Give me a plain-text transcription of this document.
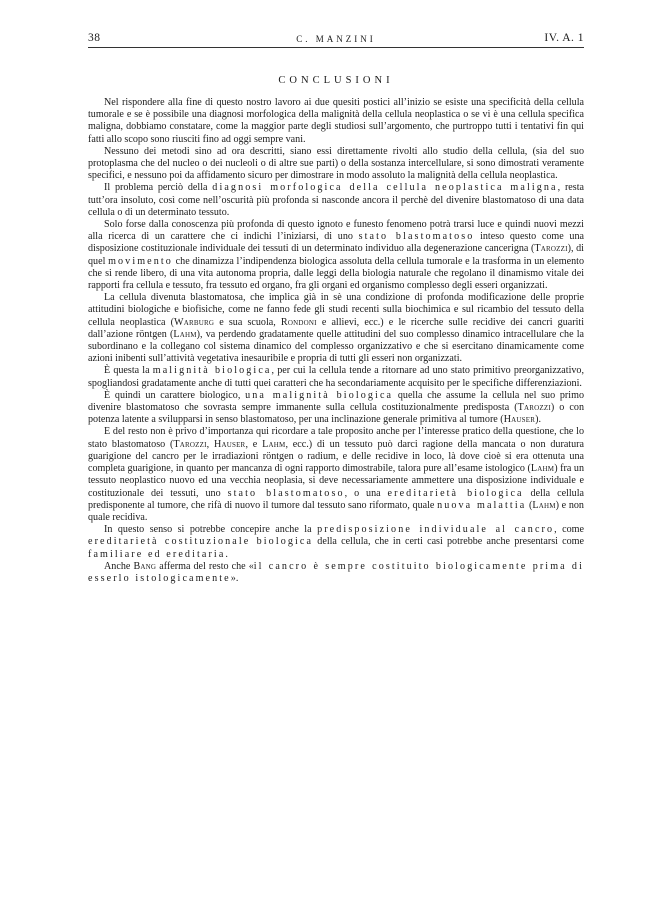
38	C. MANZINI	IV. A. 1
CONCLUSIONI

Nel rispondere alla fine di questo nostro lavoro ai due quesiti postici all’inizio se esiste una specificità della cellula tumorale e se è possibile una diagnosi morfologica della malignità della cellula neoplastica o se vi è una cellula specifica maligna, dobbiamo constatare, come la maggior parte degli studiosi sull’argomento, che purtroppo tutti i tentativi fin qui fatti allo scopo sono riusciti fino ad oggi sempre vani.

Nessuno dei metodi sino ad ora descritti, siano essi direttamente rivolti allo studio della cellula, (sia del suo protoplasma che del nucleo o dei nucleoli o di altre sue parti) o della sostanza intercellulare, si sono dimostrati veramente specifici, e nessuno poi da affidamento sicuro per dimostrare in modo assoluto la malignità della cellula neoplastica.

Il problema perciò della diagnosi morfologica della cellula neoplastica maligna, resta tutt’ora insoluto, così come nell’oscurità più profonda si nasconde ancora il perchè del divenire blastomatoso di una data cellula o di un determinato tessuto.

Solo forse dalla conoscenza più profonda di questo ignoto e funesto fenomeno potrà trarsi luce e quindi nuovi mezzi alla ricerca di un carattere che ci indichi l’iniziarsi, di uno stato blastomatoso inteso questo come una disposizione costituzionale individuale dei tessuti di un determinato individuo alla degenerazione cancerigna (Tarozzi), di quel movimento che dinamizza l’indipendenza biologica assoluta della cellula tumorale e la trasforma in un elemento che si rende libero, di una vita autonoma propria, dalle leggi della biologia naturale che regolano il dinamismo vitale dei rapporti fra cellula e tessuto, fra tessuto ed organo, fra gli organi ed organismo complesso degli esseri organizzati.

La cellula divenuta blastomatosa, che implica già in sè una condizione di profonda modificazione delle proprie attitudini biologiche e biofisiche, come ne fanno fede gli studi recenti sulla biochimica e sul ricambio del tessuto della cellula neoplastica (Warburg e sua scuola, Rondoni e allievi, ecc.) e le ricerche sulle recidive dei cancri guariti dall’azione röntgen (Lahm), va perdendo gradatamente quelle attitudini del suo complesso dinamico intracellulare che la subordinano e la collegano col sistema dinamico del complesso organizzativo e che si esercitano dinamicamente come azioni inibenti sull’attività vegetativa inesauribile e propria di tutti gli esseri non organizzati.

È questa la malignità biologica, per cui la cellula tende a ritornare ad uno stato primitivo preorganizzativo, spogliandosi gradatamente anche di tutti quei caratteri che ha secondariamente acquisito per le specifiche differenziazioni.

È quindi un carattere biologico, una malignità biologica quella che assume la cellula nel suo primo divenire blastomatoso che sovrasta sempre immanente sulla cellula costituzionalmente predisposta (Tarozzi) o con potenza latente a svilupparsi in senso blastomatoso, per una inclinazione generale primitiva al tumore (Hauser).

E del resto non è privo d’importanza qui ricordare a tale proposito anche per l’interesse pratico della questione, che lo stato blastomatoso (Tarozzi, Hauser, e Lahm, ecc.) di un tessuto può darci ragione della mancata o non duratura guarigione del cancro per le irradiazioni röntgen o radium, e delle recidive in loco, là dove cioè si era ottenuta una completa guarigione, in quanto per mancanza di ogni rapporto dimostrabile, talora pure all’esame istologico (Lahm) fra un tessuto neoplastico nuovo ed una vecchia neoplasia, si deve necessariamente ammettere una disposizione individuale e costituzionale dei tessuti, uno stato blastomatoso, o una ereditarietà biologica della cellula predisponente al tumore, che rifà di nuovo il tumore dal tessuto sano riformato, quale nuova malattia (Lahm) e non quale recidiva.

In questo senso si potrebbe concepire anche la predisposizione individuale al cancro, come ereditarietà costituzionale biologica della cellula, che in certi casi potrebbe anche presentarsi come familiare ed ereditaria.

Anche Bang afferma del resto che «il cancro è sempre costituito biologicamente prima di esserlo istologicamente».
